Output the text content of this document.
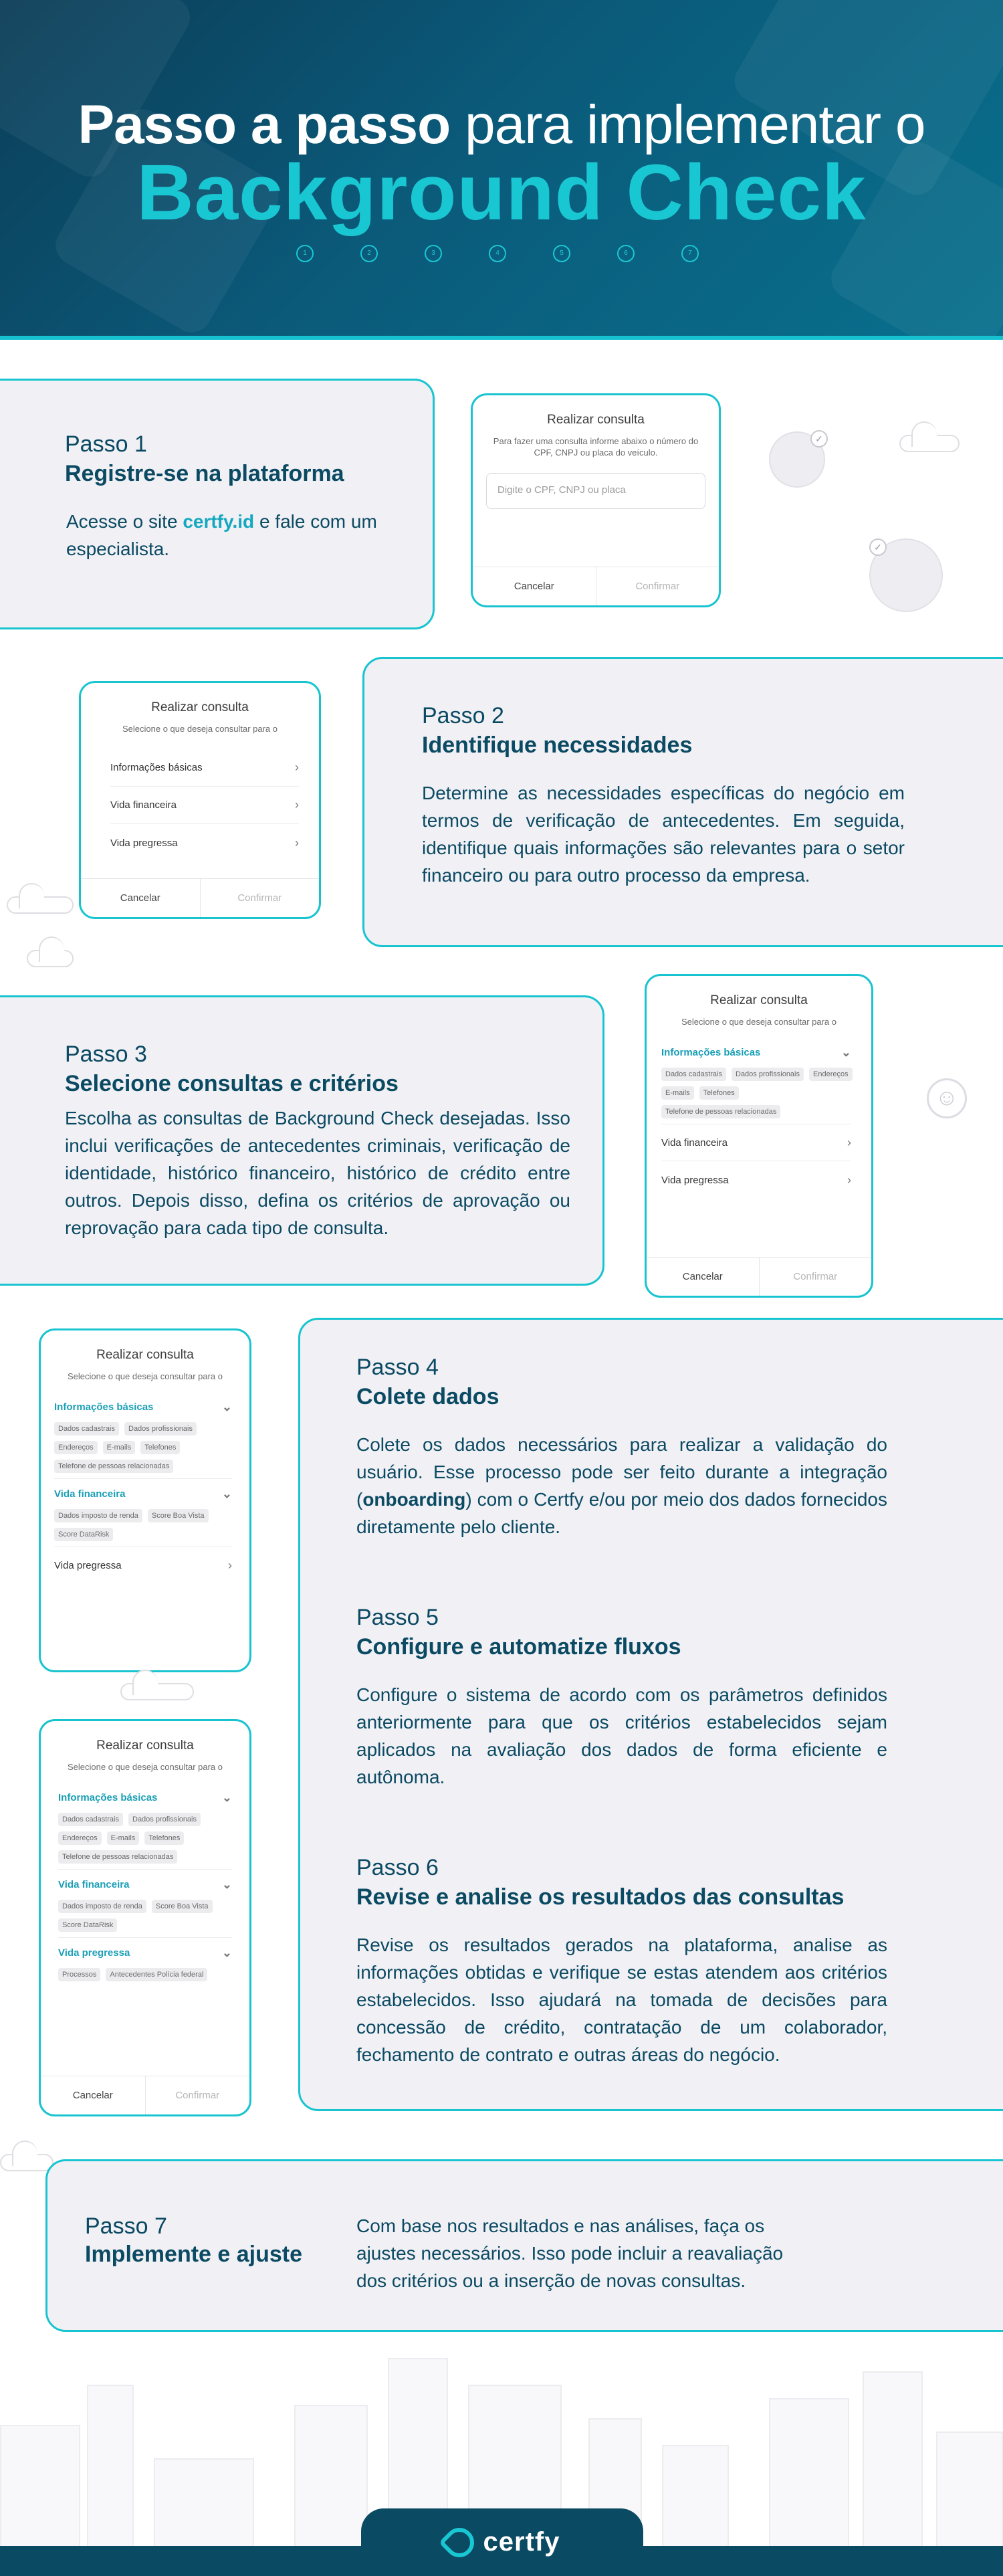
Passo a passo para implementar o
Background Check
1	2	3	4	5	6	7
Passo 1
Registre-se na plataforma
Acesse o site certfy.id e fale com um especialista.
Realizar consulta
Para fazer uma consulta informe abaixo o número do CPF, CNPJ ou placa do veículo.
Digite o CPF, CNPJ ou placa
Cancelar	Confirmar
✓
✓
Realizar consulta
Selecione o que deseja consultar para o
Informações básicas	›
Vida financeira	›
Vida pregressa	›
Cancelar	Confirmar
Passo 2
Identifique necessidades
Determine as necessidades específicas do negócio em termos de verificação de antecedentes. Em seguida, identifique quais informações são relevantes para o setor financeiro ou para outro processo da empresa.
Passo 3
Selecione consultas e critérios
Escolha as consultas de Background Check desejadas. Isso inclui verificações de antecedentes criminais, verificação de identidade, histórico financeiro, histórico de crédito entre outros. Depois disso, defina os critérios de aprovação ou reprovação para cada tipo de consulta.
Realizar consulta
Selecione o que deseja consultar para o
Informações básicas	⌄
Dados cadastrais	Dados profissionais	Endereços
E-mails	Telefones
Telefone de pessoas relacionadas
Vida financeira	›
Vida pregressa	›
Cancelar	Confirmar
☺
Passo 4
Colete dados
Colete os dados necessários para realizar a validação do usuário. Esse processo pode ser feito durante a integração (onboarding) com o Certfy e/ou por meio dos dados fornecidos diretamente pelo cliente.
Passo 5
Configure e automatize fluxos
Configure o sistema de acordo com os parâmetros definidos anteriormente para que os critérios estabelecidos sejam aplicados na avaliação dos dados de forma eficiente e autônoma.
Passo 6
Revise e analise os resultados das consultas
Revise os resultados gerados na plataforma, analise as informações obtidas e verifique se estas atendem aos critérios estabelecidos. Isso ajudará na tomada de decisões para concessão de crédito, contratação de um colaborador, fechamento de contrato e outras áreas do negócio.
Realizar consulta
Selecione o que deseja consultar para o
Informações básicas	⌄
Dados cadastrais	Dados profissionais
Endereços	E-mails	Telefones
Telefone de pessoas relacionadas
Vida financeira	⌄
Dados imposto de renda	Score Boa Vista
Score DataRisk
Vida pregressa	›
Realizar consulta
Selecione o que deseja consultar para o
Informações básicas	⌄
Dados cadastrais	Dados profissionais
Endereços	E-mails	Telefones
Telefone de pessoas relacionadas
Vida financeira	⌄
Dados imposto de renda	Score Boa Vista
Score DataRisk
Vida pregressa	⌄
Processos	Antecedentes Polícia federal
Cancelar	Confirmar
Passo 7
Implemente e ajuste
Com base nos resultados e nas análises, faça os ajustes necessários. Isso pode incluir a reavaliação dos critérios ou a inserção de novas consultas.
certfy
